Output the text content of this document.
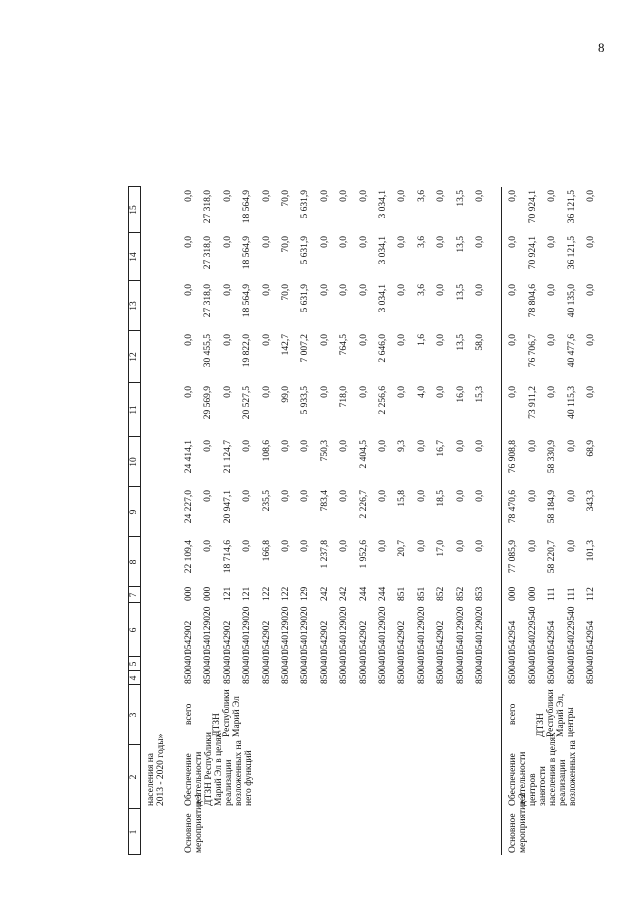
8
1
2
3
4
5
6
7
8
9
10
11
12
13
14
15
населения на 2013 - 2020 годы»
Основное мероприятие 1
Обеспечение деятельности ДТЗН Республики Марий Эл в целях реализации возложенных на него функций
всего ДТЗН Республики Марий Эл
850
0401
0542902
000
22 109,4
24 227,0
24 414,1
0,0
0,0
0,0
0,0
0,0
850
0401
0540129020
000
0,0
0,0
0,0
29 569,9
30 455,5
27 318,0
27 318,0
27 318,0
850
0401
0542902
121
18 714,6
20 947,1
21 124,7
0,0
0,0
0,0
0,0
0,0
850
0401
0540129020
121
0,0
0,0
0,0
20 527,5
19 822,0
18 564,9
18 564,9
18 564,9
850
0401
0542902
122
166,8
235,5
108,6
0,0
0,0
0,0
0,0
0,0
850
0401
0540129020
122
0,0
0,0
0,0
99,0
142,7
70,0
70,0
70,0
850
0401
0540129020
129
0,0
0,0
0,0
5 933,5
7 007,2
5 631,9
5 631,9
5 631,9
850
0401
0542902
242
1 237,8
783,4
750,3
0,0
0,0
0,0
0,0
0,0
850
0401
0540129020
242
0,0
0,0
0,0
718,0
764,5
0,0
0,0
0,0
850
0401
0542902
244
1 952,6
2 226,7
2 404,5
0,0
0,0
0,0
0,0
0,0
850
0401
0540129020
244
0,0
0,0
0,0
2 256,6
2 646,0
3 034,1
3 034,1
3 034,1
850
0401
0542902
851
20,7
15,8
9,3
0,0
0,0
0,0
0,0
0,0
850
0401
0540129020
851
0,0
0,0
0,0
4,0
1,6
3,6
3,6
3,6
850
0401
0542902
852
17,0
18,5
16,7
0,0
0,0
0,0
0,0
0,0
850
0401
0540129020
852
0,0
0,0
0,0
16,0
13,5
13,5
13,5
13,5
850
0401
0540129020
853
0,0
0,0
0,0
15,3
58,0
0,0
0,0
0,0
Основное мероприятие 2
Обеспечение деятельности центров занятости населения в целях реализации возложенных на
всего ДТЗН Республики Марий Эл, центры
850
0401
0542954
000
77 085,9
78 470,6
76 908,8
0,0
0,0
0,0
0,0
0,0
850
0401
0540229540
000
0,0
0,0
0,0
73 911,2
76 706,7
78 804,6
70 924,1
70 924,1
850
0401
0542954
111
58 220,7
58 184,9
58 330,9
0,0
0,0
0,0
0,0
0,0
850
0401
0540229540
111
0,0
0,0
0,0
40 115,3
40 477,6
40 135,0
36 121,5
36 121,5
850
0401
0542954
112
101,3
343,3
68,9
0,0
0,0
0,0
0,0
0,0
